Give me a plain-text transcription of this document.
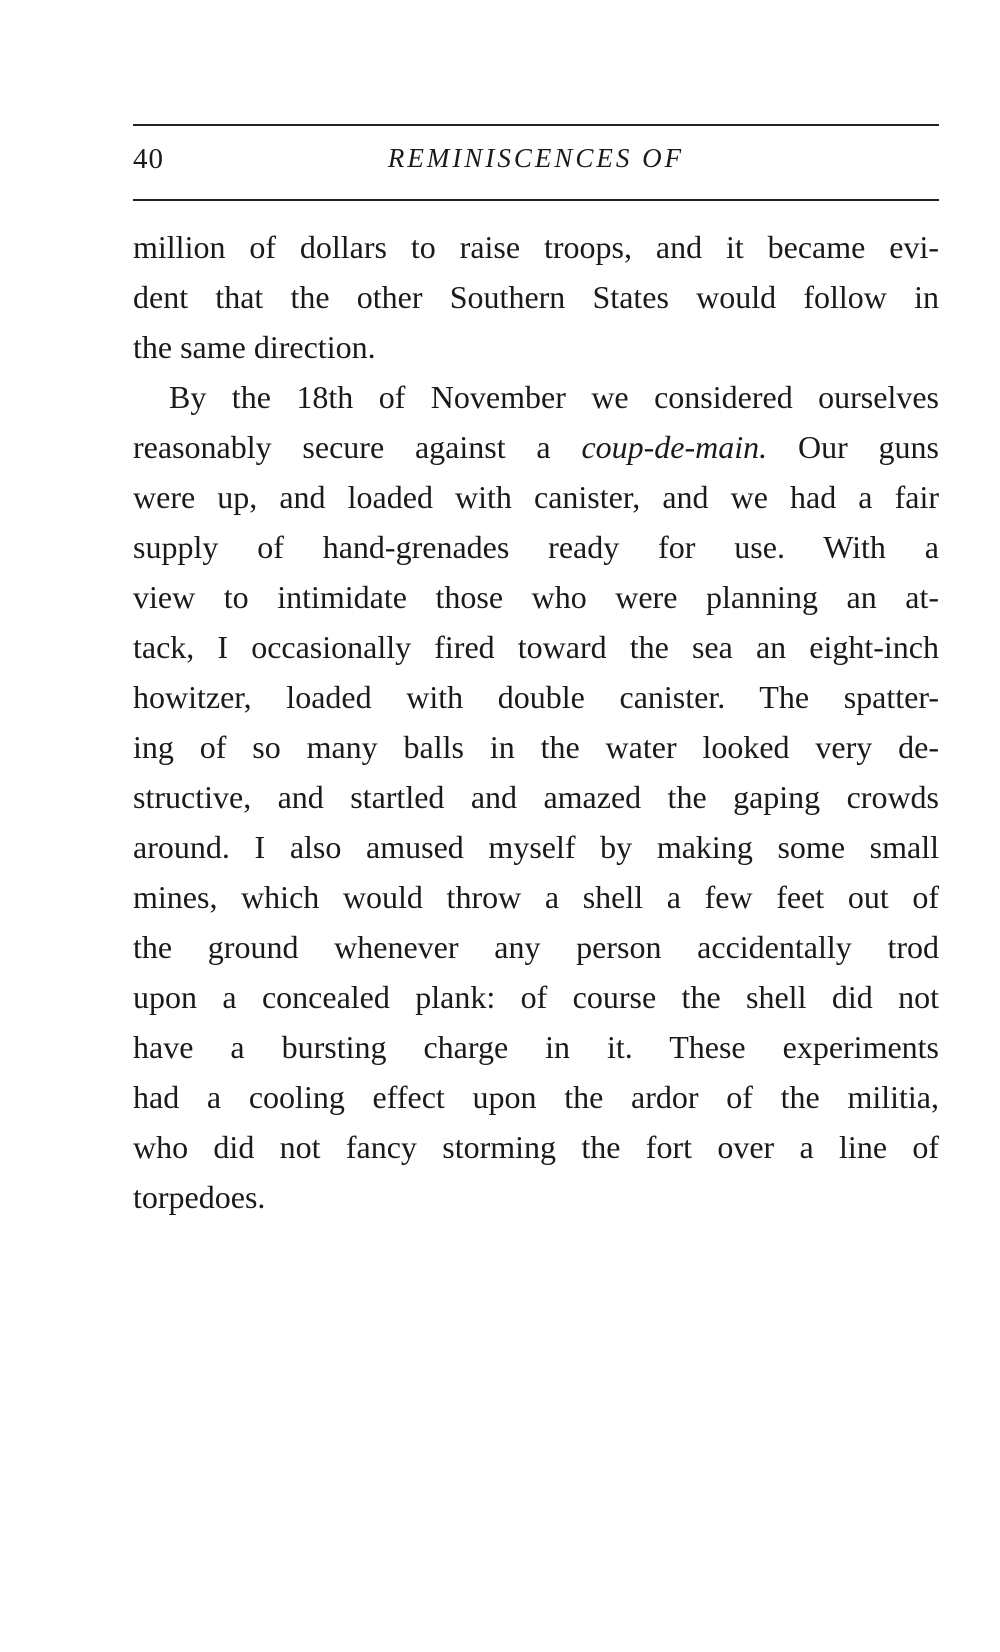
40	REMINISCENCES OF

million of dollars to raise troops, and it became evi-
dent that the other Southern States would follow in
the same direction.

By the 18th of November we considered ourselves
reasonably secure against a coup-de-main. Our guns
were up, and loaded with canister, and we had a fair
supply of hand-grenades ready for use. With a
view to intimidate those who were planning an at-
tack, I occasionally fired toward the sea an eight-inch
howitzer, loaded with double canister. The spatter-
ing of so many balls in the water looked very de-
structive, and startled and amazed the gaping crowds
around. I also amused myself by making some small
mines, which would throw a shell a few feet out of
the ground whenever any person accidentally trod
upon a concealed plank: of course the shell did not
have a bursting charge in it. These experiments
had a cooling effect upon the ardor of the militia,
who did not fancy storming the fort over a line of
torpedoes.
